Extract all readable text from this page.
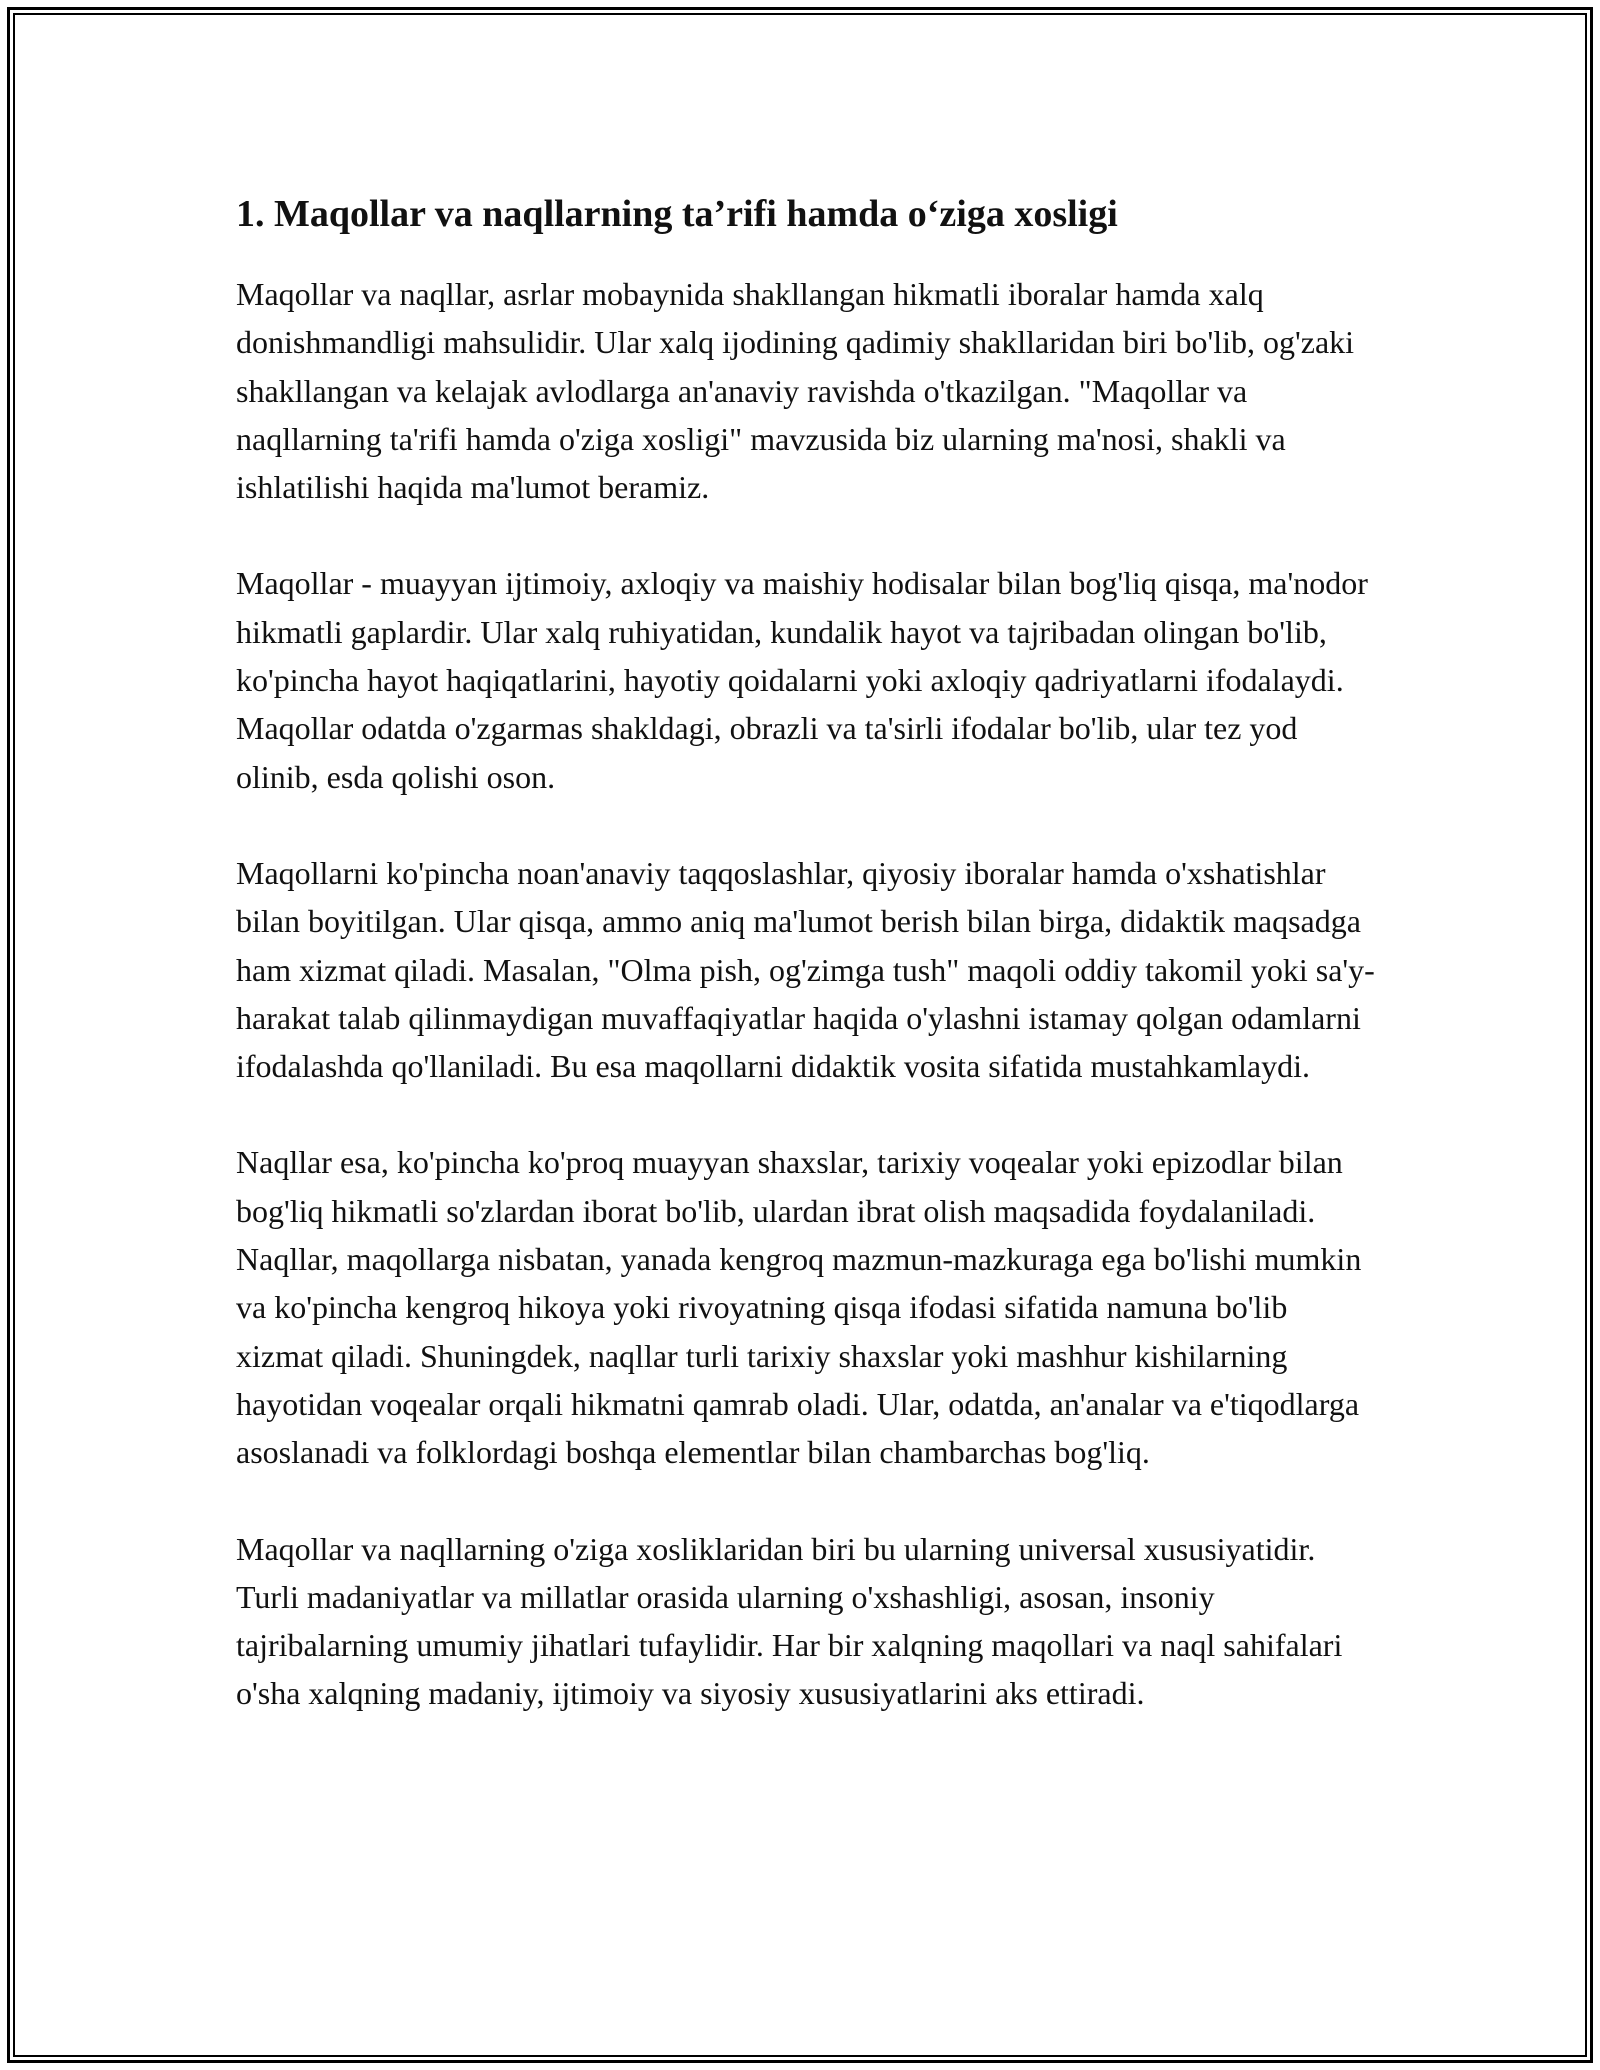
1. Maqollar va naqllarning ta’rifi hamda o‘ziga xosligi

Maqollar va naqllar, asrlar mobaynida shakllangan hikmatli iboralar hamda xalq donishmandligi mahsulidir. Ular xalq ijodining qadimiy shakllaridan biri bo'lib, og'zaki shakllangan va kelajak avlodlarga an'anaviy ravishda o'tkazilgan. "Maqollar va naqllarning ta'rifi hamda o'ziga xosligi" mavzusida biz ularning ma'nosi, shakli va ishlatilishi haqida ma'lumot beramiz.

Maqollar - muayyan ijtimoiy, axloqiy va maishiy hodisalar bilan bog'liq qisqa, ma'nodor hikmatli gaplardir. Ular xalq ruhiyatidan, kundalik hayot va tajribadan olingan bo'lib, ko'pincha hayot haqiqatlarini, hayotiy qoidalarni yoki axloqiy qadriyatlarni ifodalaydi. Maqollar odatda o'zgarmas shakldagi, obrazli va ta'sirli ifodalar bo'lib, ular tez yod olinib, esda qolishi oson.

Maqollarni ko'pincha noan'anaviy taqqoslashlar, qiyosiy iboralar hamda o'xshatishlar bilan boyitilgan. Ular qisqa, ammo aniq ma'lumot berish bilan birga, didaktik maqsadga ham xizmat qiladi. Masalan, "Olma pish, og'zimga tush" maqoli oddiy takomil yoki sa'y-harakat talab qilinmaydigan muvaffaqiyatlar haqida o'ylashni istamay qolgan odamlarni ifodalashda qo'llaniladi. Bu esa maqollarni didaktik vosita sifatida mustahkamlaydi.

Naqllar esa, ko'pincha ko'proq muayyan shaxslar, tarixiy voqealar yoki epizodlar bilan bog'liq hikmatli so'zlardan iborat bo'lib, ulardan ibrat olish maqsadida foydalaniladi. Naqllar, maqollarga nisbatan, yanada kengroq mazmun-mazkuraga ega bo'lishi mumkin va ko'pincha kengroq hikoya yoki rivoyatning qisqa ifodasi sifatida namuna bo'lib xizmat qiladi. Shuningdek, naqllar turli tarixiy shaxslar yoki mashhur kishilarning hayotidan voqealar orqali hikmatni qamrab oladi. Ular, odatda, an'analar va e'tiqodlarga asoslanadi va folklordagi boshqa elementlar bilan chambarchas bog'liq.

Maqollar va naqllarning o'ziga xosliklaridan biri bu ularning universal xususiyatidir. Turli madaniyatlar va millatlar orasida ularning o'xshashligi, asosan, insoniy tajribalarning umumiy jihatlari tufaylidir. Har bir xalqning maqollari va naql sahifalari o'sha xalqning madaniy, ijtimoiy va siyosiy xususiyatlarini aks ettiradi.
